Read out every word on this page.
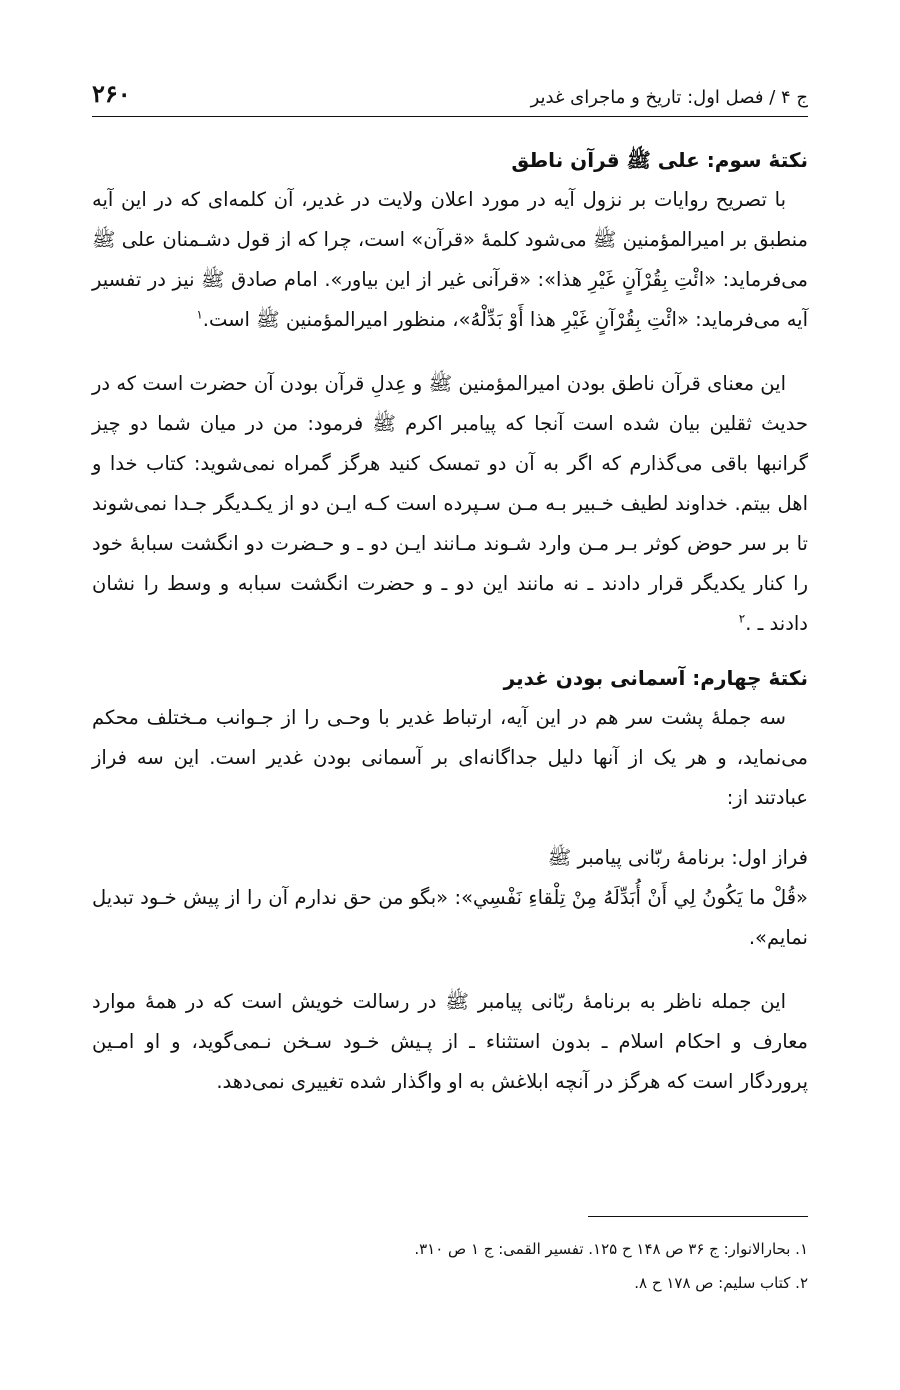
ج ۴ / فصل اول: تاریخ و ماجرای غدیر
۲۶۰

نکتهٔ سوم: علی ﷺ قرآن ناطق

با تصریح روایات بر نزول آیه در مورد اعلان ولایت در غدیر، آن کلمه‌ای که در این آیه منطبق بر امیرالمؤمنین ﷺ می‌شود کلمهٔ «قرآن» است، چرا که از قول دشـمنان علی ﷺ می‌فرماید: «ائْتِ بِقُرْآنٍ غَيْرِ هذا»: «قرآنی غیر از این بیاور». امام صادق ﷺ نیز در تفسیر آیه می‌فرماید: «ائْتِ بِقُرْآنٍ غَيْرِ هذا أَوْ بَدِّلْهُ»، منظور امیرالمؤمنین ﷺ است.$^۱$

این معنای قرآن ناطق بودن امیرالمؤمنین ﷺ و عِدلِ قرآن بودن آن حضرت است که در حدیث ثقلین بیان شده است آنجا که پیامبر اکرم ﷺ فرمود: من در میان شما دو چیز گرانبها باقی می‌گذارم که اگر به آن دو تمسک کنید هرگز گمراه نمی‌شوید: کتاب خدا و اهل بیتم. خداوند لطیف خـبیر بـه مـن سـپرده است کـه ایـن دو از یکـدیگر جـدا نمی‌شوند تا بر سر حوض کوثر بـر مـن وارد شـوند مـانند ایـن دو ـ و حـضرت دو انگشت سبابهٔ خود را کنار یکدیگر قرار دادند ـ نه مانند این دو ـ و حضرت انگشت سبابه و وسط را نشان دادند ـ .$^۲$

نکتهٔ چهارم: آسمانی بودن غدیر

سه جملهٔ پشت سر هم در این آیه، ارتباط غدیر با وحـی را از جـوانب مـختلف محکم می‌نماید، و هر یک از آنها دلیل جداگانه‌ای بر آسمانی بودن غدیر است. این سه فراز عبادتند از:

فراز اول: برنامهٔ ربّانی پیامبر ﷺ

«قُلْ ما يَكُونُ لِي أَنْ أُبَدِّلَهُ مِنْ تِلْقاءِ نَفْسِي»: «بگو من حق ندارم آن را از پیش خـود تبدیل نمایم».

این جمله ناظر به برنامهٔ ربّانی پیامبر ﷺ در رسالت خویش است که در همهٔ موارد معارف و احکام اسلام ـ بدون استثناء ـ از پـیش خـود سـخن نـمی‌گوید، و او امـین پروردگار است که هرگز در آنچه ابلاغش به او واگذار شده تغییری نمی‌دهد.

۱. بحارالانوار: ج ۳۶ ص ۱۴۸ ح ۱۲۵. تفسیر القمی: ج ۱ ص ۳۱۰.

۲. کتاب سلیم: ص ۱۷۸ ح ۸.
